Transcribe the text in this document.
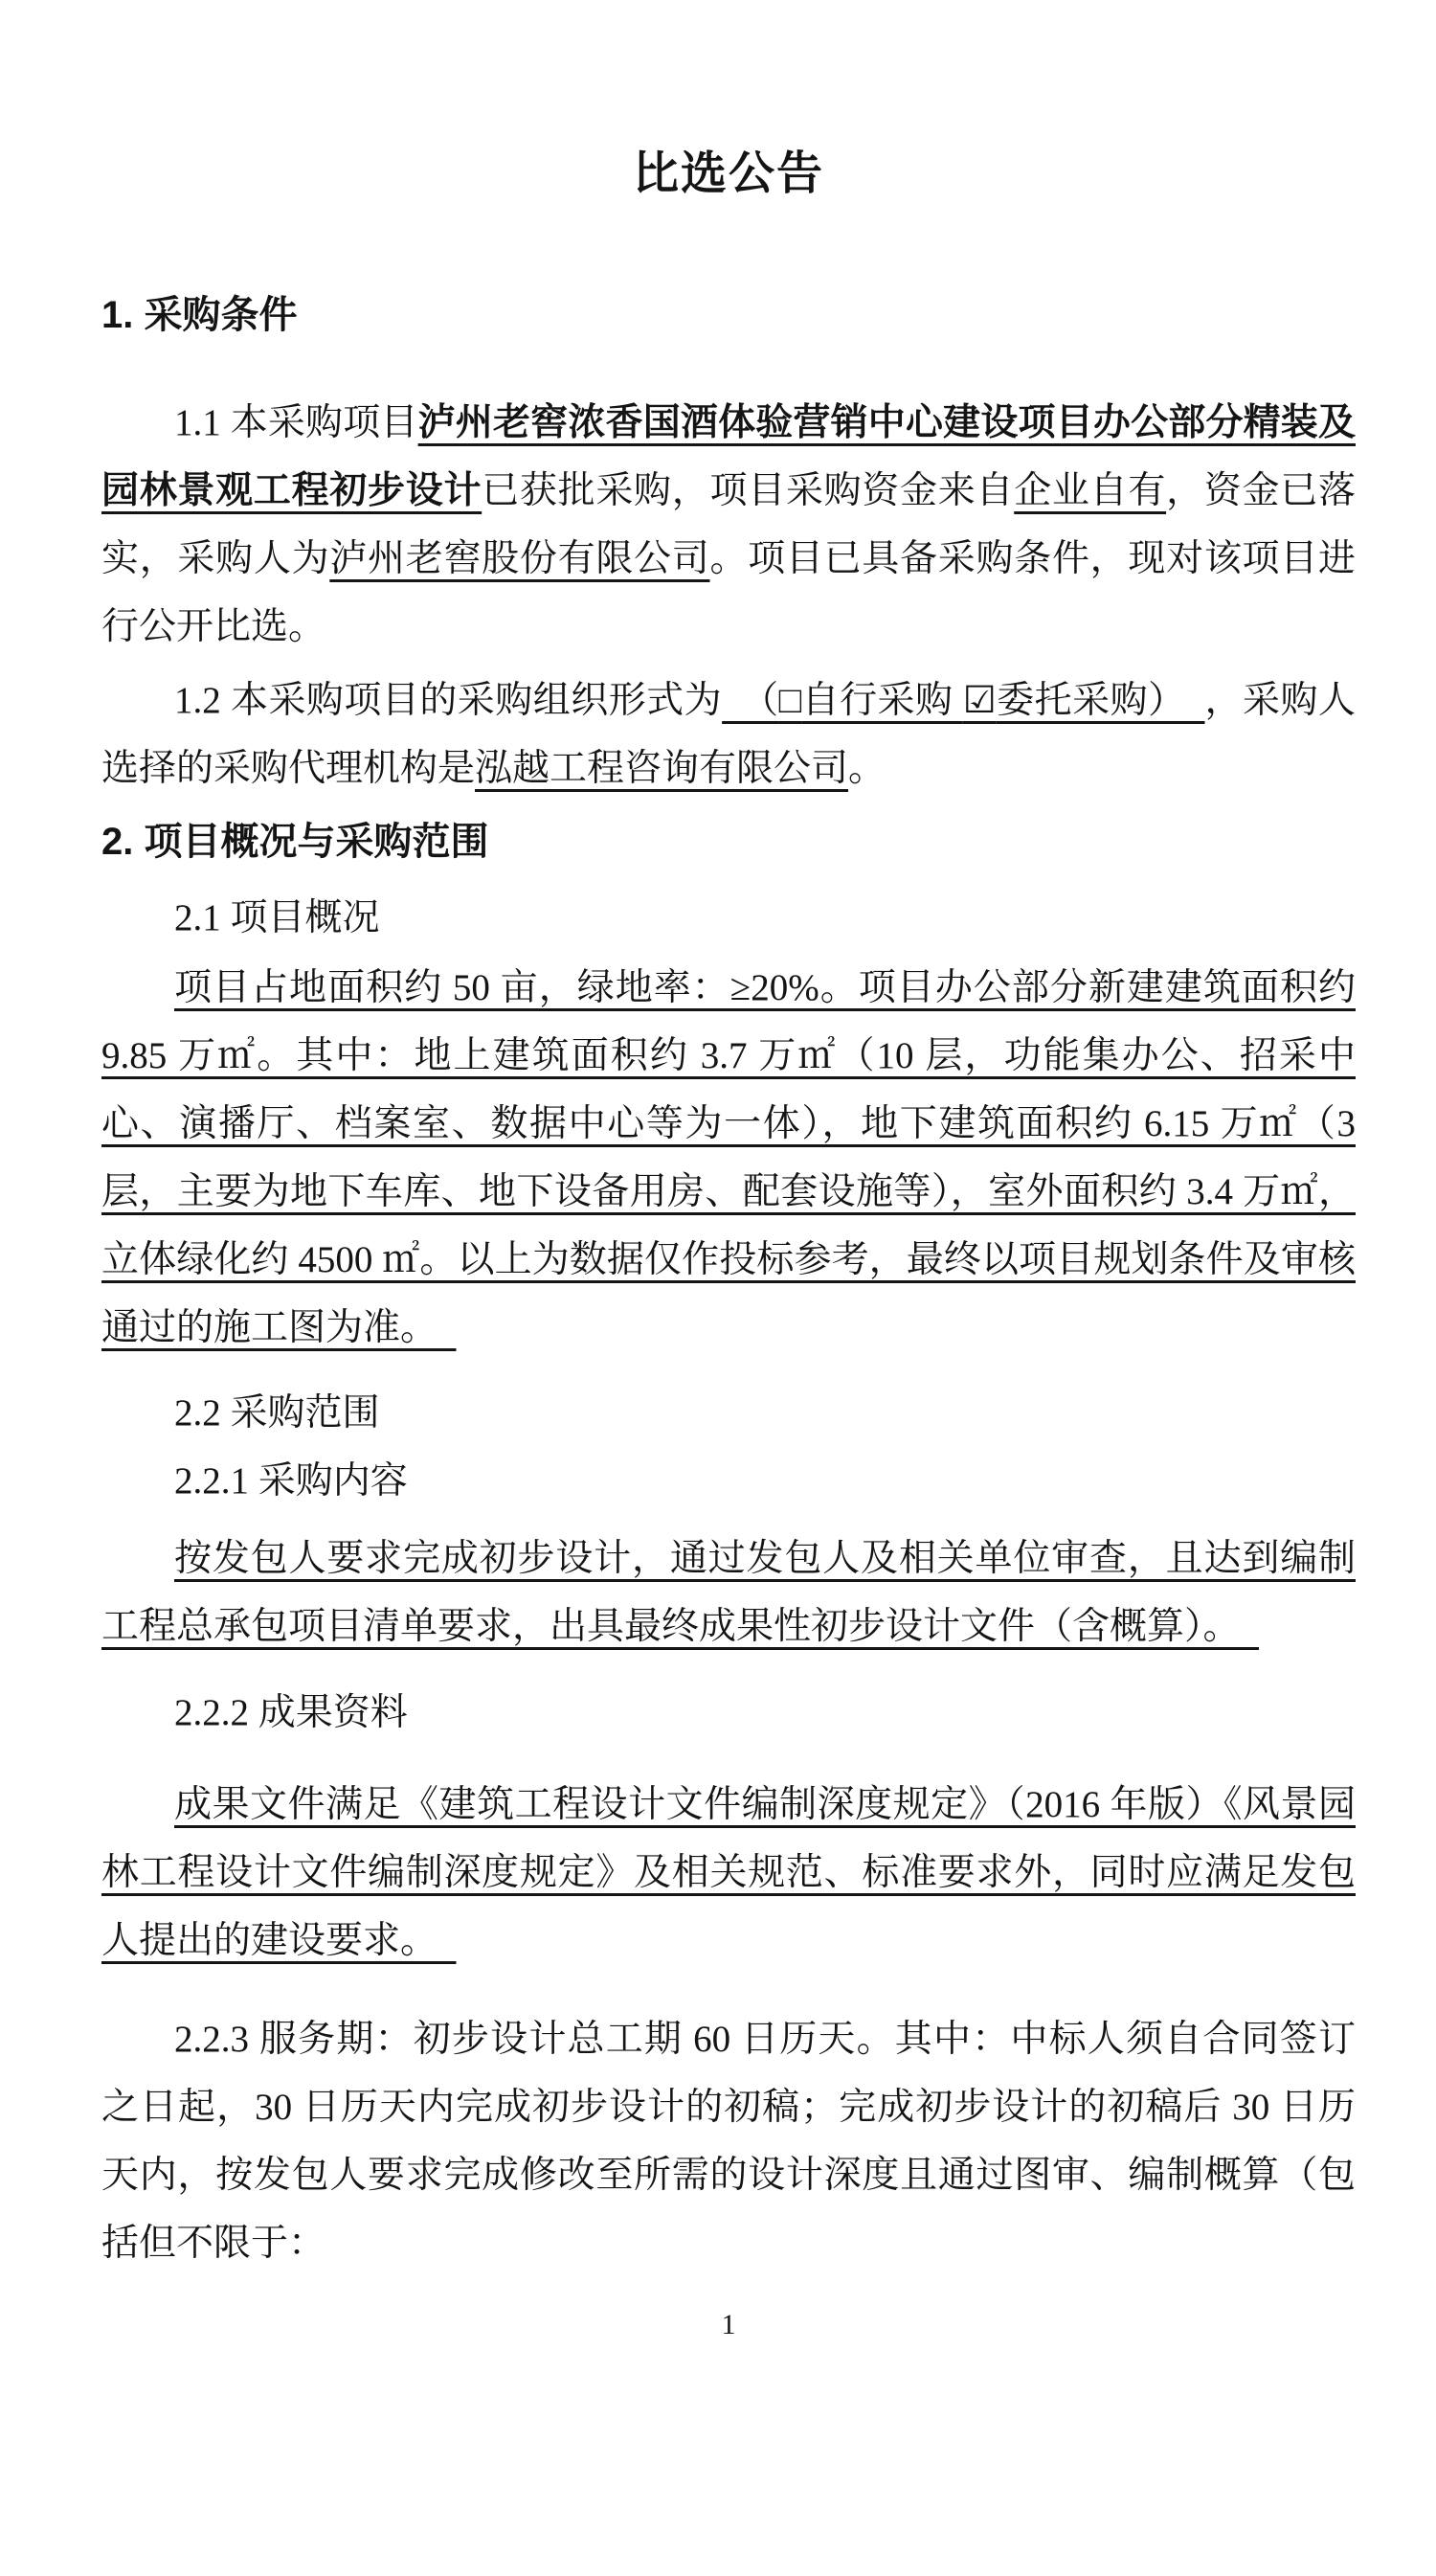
比选公告
1. 采购条件
1.1 本采购项目泸州老窖浓香国酒体验营销中心建设项目办公部分精装及园林景观工程初步设计已获批采购，项目采购资金来自企业自有，资金已落实，采购人为泸州老窖股份有限公司。项目已具备采购条件，现对该项目进行公开比选。
1.2 本采购项目的采购组织形式为　（□自行采购 ☑委托采购）　，采购人选择的采购代理机构是泓越工程咨询有限公司。
2. 项目概况与采购范围
2.1 项目概况
项目占地面积约 50 亩，绿地率：≥20%。项目办公部分新建建筑面积约 9.85 万㎡。其中：地上建筑面积约 3.7 万㎡（10 层，功能集办公、招采中心、演播厅、档案室、数据中心等为一体），地下建筑面积约 6.15 万㎡（3 层，主要为地下车库、地下设备用房、配套设施等），室外面积约 3.4 万㎡，立体绿化约 4500 ㎡。以上为数据仅作投标参考，最终以项目规划条件及审核通过的施工图为准。　
2.2 采购范围
2.2.1 采购内容
按发包人要求完成初步设计，通过发包人及相关单位审查，且达到编制工程总承包项目清单要求，出具最终成果性初步设计文件（含概算）。　
2.2.2 成果资料
成果文件满足《建筑工程设计文件编制深度规定》（2016 年版）《风景园林工程设计文件编制深度规定》及相关规范、标准要求外，同时应满足发包人提出的建设要求。　
2.2.3 服务期：初步设计总工期 60 日历天。其中：中标人须自合同签订之日起，30 日历天内完成初步设计的初稿；完成初步设计的初稿后 30 日历天内，按发包人要求完成修改至所需的设计深度且通过图审、编制概算（包括但不限于：
1
